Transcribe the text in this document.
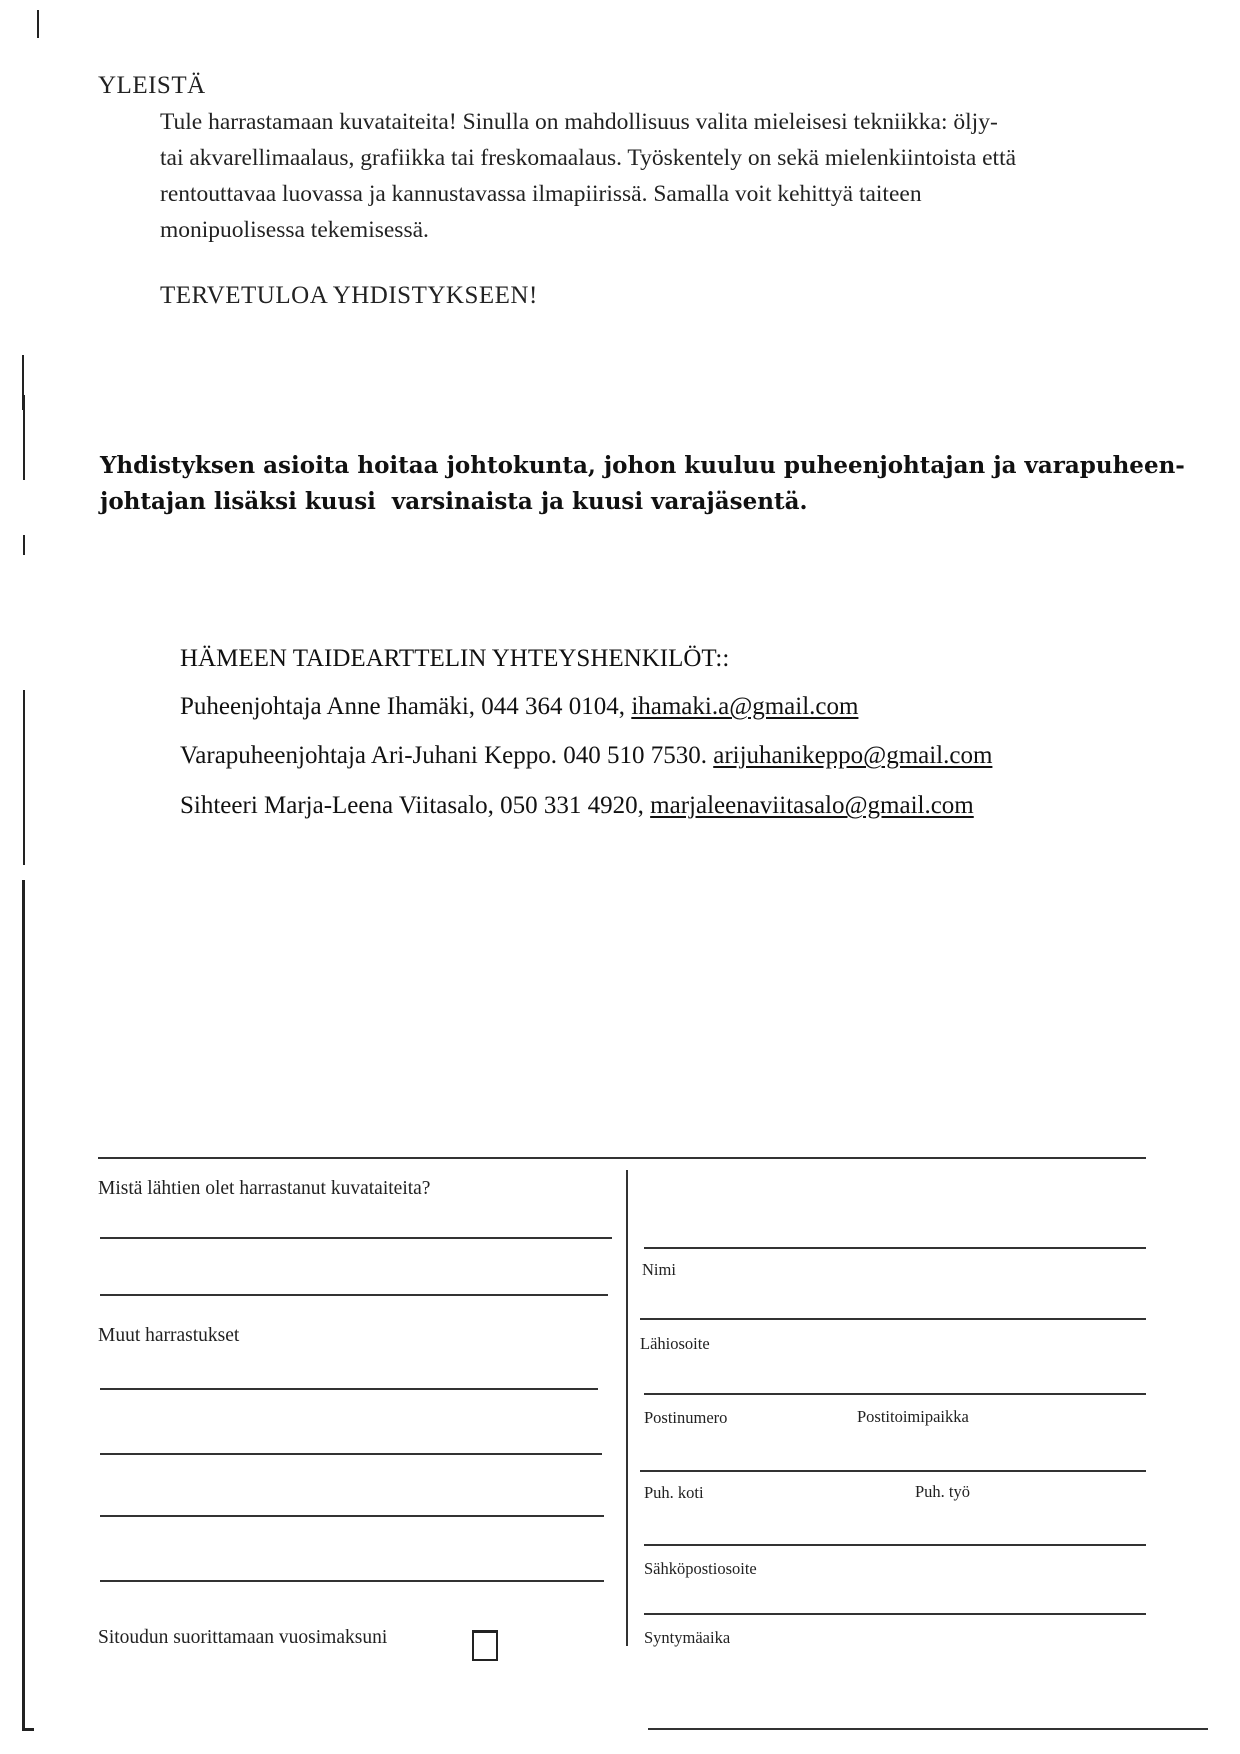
YLEISTÄ
Tule harrastamaan kuvataiteita! Sinulla on mahdollisuus valita mieleisesi tekniikka: öljy-
tai akvarellimaalaus, grafiikka tai freskomaalaus. Työskentely on sekä mielenkiintoista että
rentouttavaa luovassa ja kannustavassa ilmapiirissä. Samalla voit kehittyä taiteen
monipuolisessa tekemisessä.
TERVETULOA YHDISTYKSEEN!
Yhdistyksen asioita hoitaa johtokunta, johon kuuluu puheenjohtajan ja varapuheen-
johtajan lisäksi kuusi  varsinaista ja kuusi varajäsentä.
HÄMEEN TAIDEARTTELIN YHTEYSHENKILÖT::
Puheenjohtaja Anne Ihamäki, 044 364 0104, ihamaki.a@gmail.com
Varapuheenjohtaja Ari-Juhani Keppo. 040 510 7530. arijuhanikeppo@gmail.com
Sihteeri Marja-Leena Viitasalo, 050 331 4920, marjaleenaviitasalo@gmail.com
Mistä lähtien olet harrastanut kuvataiteita?
Muut harrastukset
Sitoudun suorittamaan vuosimaksuni
Nimi
Lähiosoite
Postinumero	Postitoimipaikka
Puh. koti	Puh. työ
Sähköpostiosoite
Syntymäaika
